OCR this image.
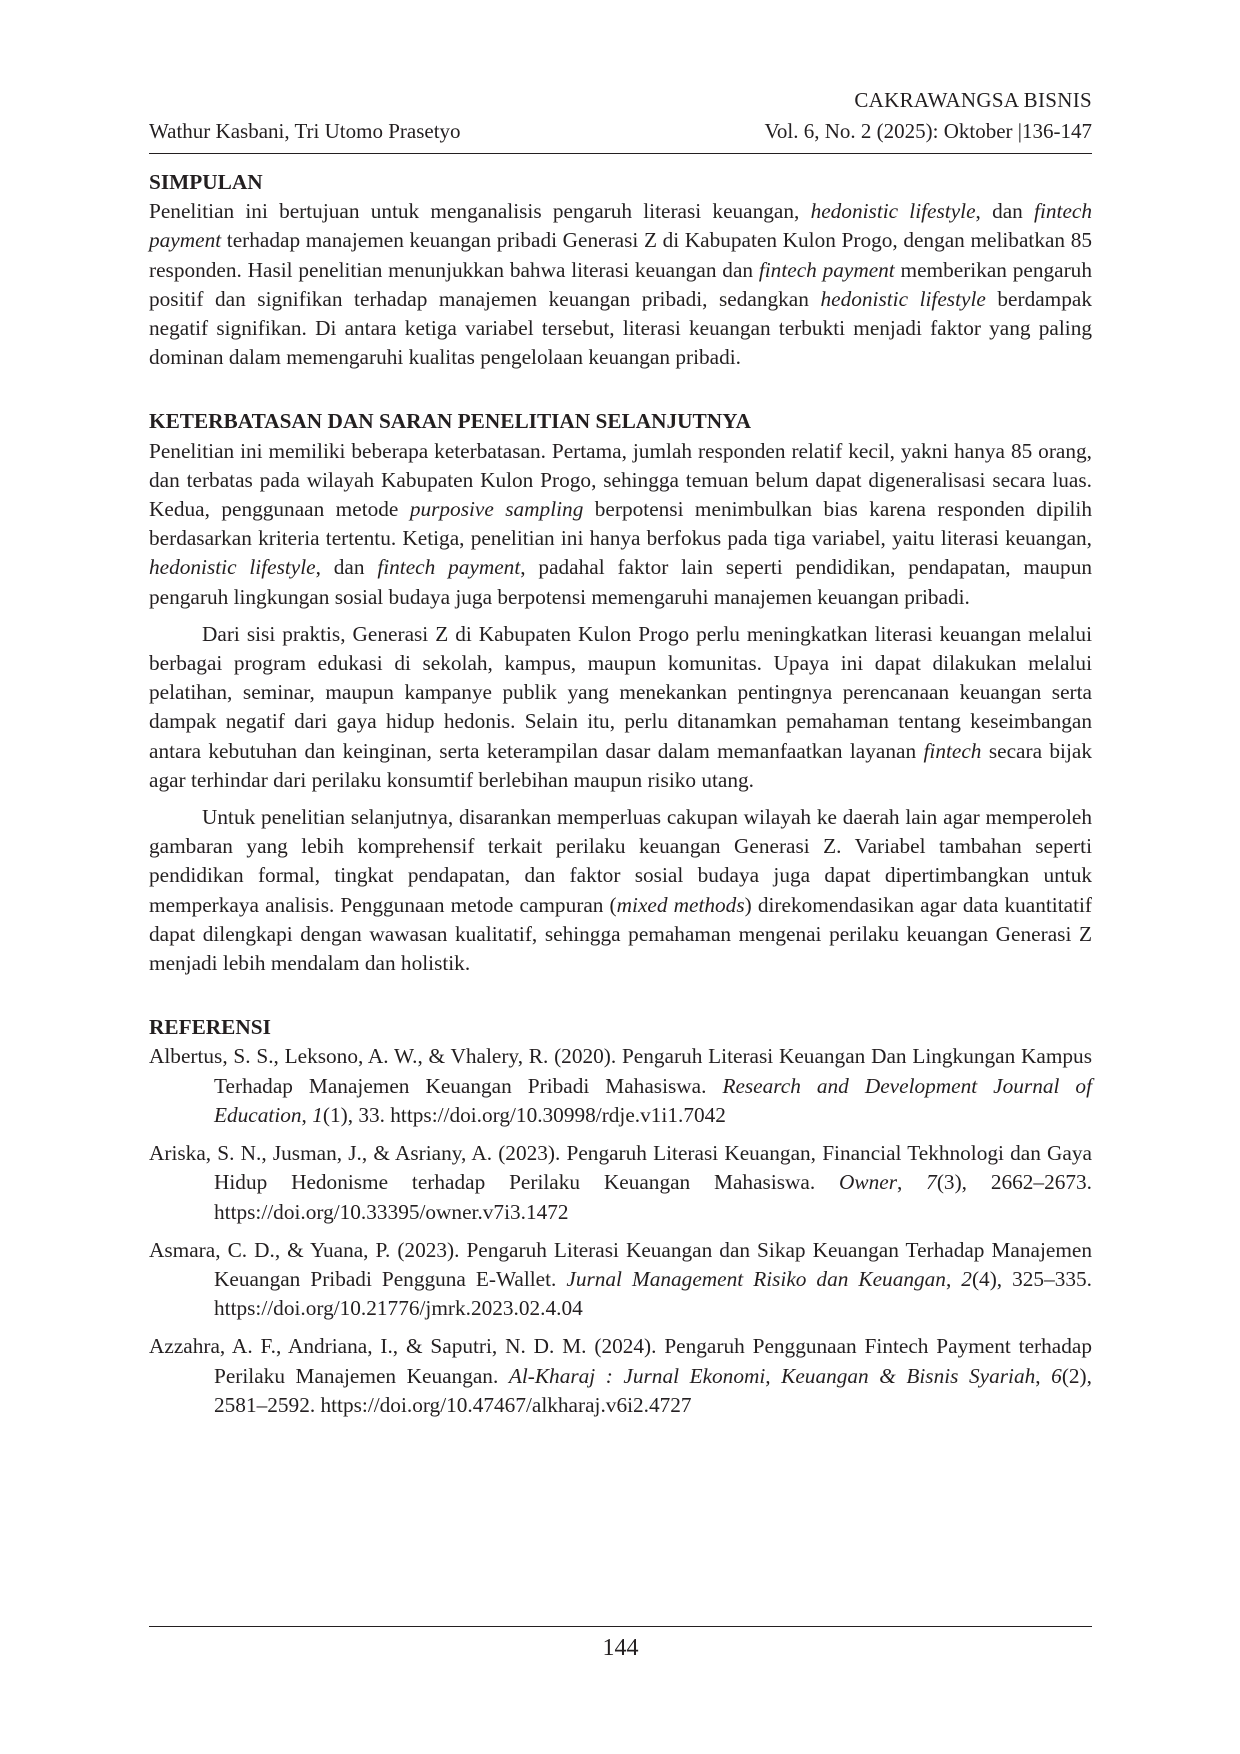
CAKRAWANGSA BISNIS
Wathur Kasbani, Tri Utomo Prasetyo	Vol. 6, No. 2 (2025): Oktober |136-147
SIMPULAN

Penelitian ini bertujuan untuk menganalisis pengaruh literasi keuangan, hedonistic lifestyle, dan fintech payment terhadap manajemen keuangan pribadi Generasi Z di Kabupaten Kulon Progo, dengan melibatkan 85 responden. Hasil penelitian menunjukkan bahwa literasi keuangan dan fintech payment memberikan pengaruh positif dan signifikan terhadap manajemen keuangan pribadi, sedangkan hedonistic lifestyle berdampak negatif signifikan. Di antara ketiga variabel tersebut, literasi keuangan terbukti menjadi faktor yang paling dominan dalam memengaruhi kualitas pengelolaan keuangan pribadi.

KETERBATASAN DAN SARAN PENELITIAN SELANJUTNYA

Penelitian ini memiliki beberapa keterbatasan. Pertama, jumlah responden relatif kecil, yakni hanya 85 orang, dan terbatas pada wilayah Kabupaten Kulon Progo, sehingga temuan belum dapat digeneralisasi secara luas. Kedua, penggunaan metode purposive sampling berpotensi menimbulkan bias karena responden dipilih berdasarkan kriteria tertentu. Ketiga, penelitian ini hanya berfokus pada tiga variabel, yaitu literasi keuangan, hedonistic lifestyle, dan fintech payment, padahal faktor lain seperti pendidikan, pendapatan, maupun pengaruh lingkungan sosial budaya juga berpotensi memengaruhi manajemen keuangan pribadi.

Dari sisi praktis, Generasi Z di Kabupaten Kulon Progo perlu meningkatkan literasi keuangan melalui berbagai program edukasi di sekolah, kampus, maupun komunitas. Upaya ini dapat dilakukan melalui pelatihan, seminar, maupun kampanye publik yang menekankan pentingnya perencanaan keuangan serta dampak negatif dari gaya hidup hedonis. Selain itu, perlu ditanamkan pemahaman tentang keseimbangan antara kebutuhan dan keinginan, serta keterampilan dasar dalam memanfaatkan layanan fintech secara bijak agar terhindar dari perilaku konsumtif berlebihan maupun risiko utang.

Untuk penelitian selanjutnya, disarankan memperluas cakupan wilayah ke daerah lain agar memperoleh gambaran yang lebih komprehensif terkait perilaku keuangan Generasi Z. Variabel tambahan seperti pendidikan formal, tingkat pendapatan, dan faktor sosial budaya juga dapat dipertimbangkan untuk memperkaya analisis. Penggunaan metode campuran (mixed methods) direkomendasikan agar data kuantitatif dapat dilengkapi dengan wawasan kualitatif, sehingga pemahaman mengenai perilaku keuangan Generasi Z menjadi lebih mendalam dan holistik.

REFERENSI

Albertus, S. S., Leksono, A. W., & Vhalery, R. (2020). Pengaruh Literasi Keuangan Dan Lingkungan Kampus Terhadap Manajemen Keuangan Pribadi Mahasiswa. Research and Development Journal of Education, 1(1), 33. https://doi.org/10.30998/rdje.v1i1.7042

Ariska, S. N., Jusman, J., & Asriany, A. (2023). Pengaruh Literasi Keuangan, Financial Tekhnologi dan Gaya Hidup Hedonisme terhadap Perilaku Keuangan Mahasiswa. Owner, 7(3), 2662–2673. https://doi.org/10.33395/owner.v7i3.1472

Asmara, C. D., & Yuana, P. (2023). Pengaruh Literasi Keuangan dan Sikap Keuangan Terhadap Manajemen Keuangan Pribadi Pengguna E-Wallet. Jurnal Management Risiko dan Keuangan, 2(4), 325–335. https://doi.org/10.21776/jmrk.2023.02.4.04

Azzahra, A. F., Andriana, I., & Saputri, N. D. M. (2024). Pengaruh Penggunaan Fintech Payment terhadap Perilaku Manajemen Keuangan. Al-Kharaj : Jurnal Ekonomi, Keuangan & Bisnis Syariah, 6(2), 2581–2592. https://doi.org/10.47467/alkharaj.v6i2.4727

144
